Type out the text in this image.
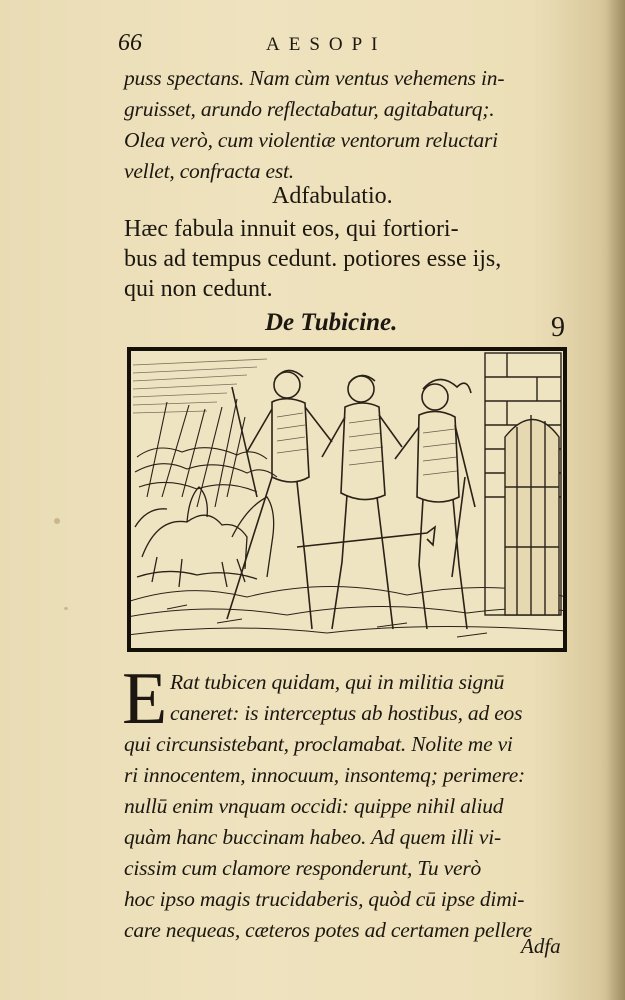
66	AESOPI
puss spectans. Nam cùm ventus vehemens in-
gruisset, arundo reflectabatur, agitabaturq;.
Olea verò, cum violentiæ ventorum reluctari
vellet, confracta est.
Adfabulatio.
Hæc fabula innuit eos, qui fortiori-
bus ad tempus cedunt. potiores esse ijs,
qui non cedunt.
De Tubicine.	9
E Rat tubicen quidam, qui in militia signū
caneret: is interceptus ab hostibus, ad eos
qui circunsistebant, proclamabat. Nolite me vi
ri innocentem, innocuum, insontemq; perimere:
nullū enim vnquam occidi: quippe nihil aliud
quàm hanc buccinam habeo. Ad quem illi vi-
cissim cum clamore responderunt, Tu verò
hoc ipso magis trucidaberis, quòd cū ipse dimi-
care nequeas, cæteros potes ad certamen pellere
Adfa
